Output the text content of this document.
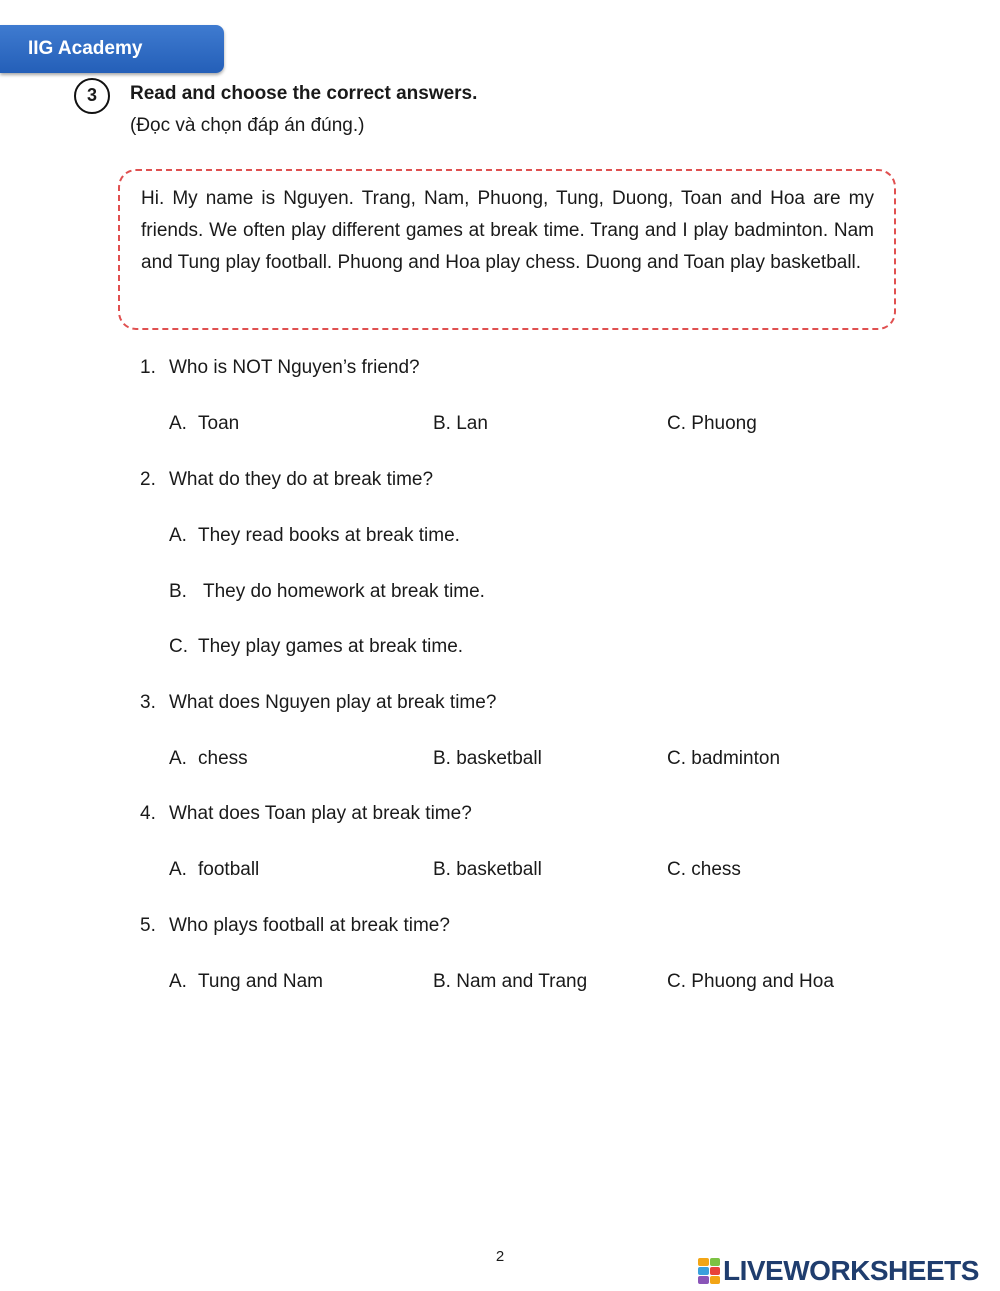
IIG Academy
3	Read and choose the correct answers.
(Đọc và chọn đáp án đúng.)
Hi. My name is Nguyen. Trang, Nam, Phuong, Tung, Duong, Toan and Hoa are my friends. We often play different games at break time. Trang and I play badminton. Nam and Tung play football. Phuong and Hoa play chess. Duong and Toan play basketball.
1. Who is NOT Nguyen’s friend?
A. Toan	B. Lan	C. Phuong
2. What do they do at break time?
A. They read books at break time.
B. They do homework at break time.
C. They play games at break time.
3. What does Nguyen play at break time?
A. chess	B. basketball	C. badminton
4. What does Toan play at break time?
A. football	B. basketball	C. chess
5. Who plays football at break time?
A. Tung and Nam	B. Nam and Trang	C. Phuong and Hoa
2	LIVEWORKSHEETS
